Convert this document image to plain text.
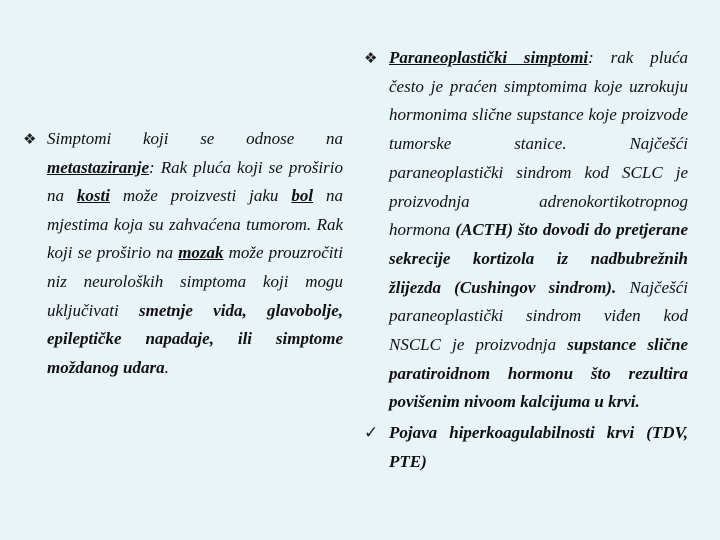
❖ Simptomi koji se odnose na metastaziranje: Rak pluća koji se proširio na kosti može proizvesti jaku bol na mjestima koja su zahvaćena tumorom. Rak koji se proširio na mozak može prouzročiti niz neuroloških simptoma koji mogu uključivati smetnje vida, glavobolje, epileptičke napadaje, ili simptome moždanog udara.
❖ Paraneoplastički simptomi: rak pluća često je praćen simptomima koje uzrokuju hormonima slične supstance koje proizvode tumorske stanice. Najčešći paraneoplastički sindrom kod SCLC je proizvodnja adrenokortikotropnog hormona (ACTH) što dovodi do pretjerane sekrecije kortizola iz nadbubrežnih žlijezda (Cushingov sindrom). Najčešći paraneoplastički sindrom viđen kod NSCLC je proizvodnja supstance slične paratiroidnom hormonu što rezultira povišenim nivoom kalcijuma u krvi.
✓ Pojava hiperkoagulabilnosti krvi (TDV, PTE)
